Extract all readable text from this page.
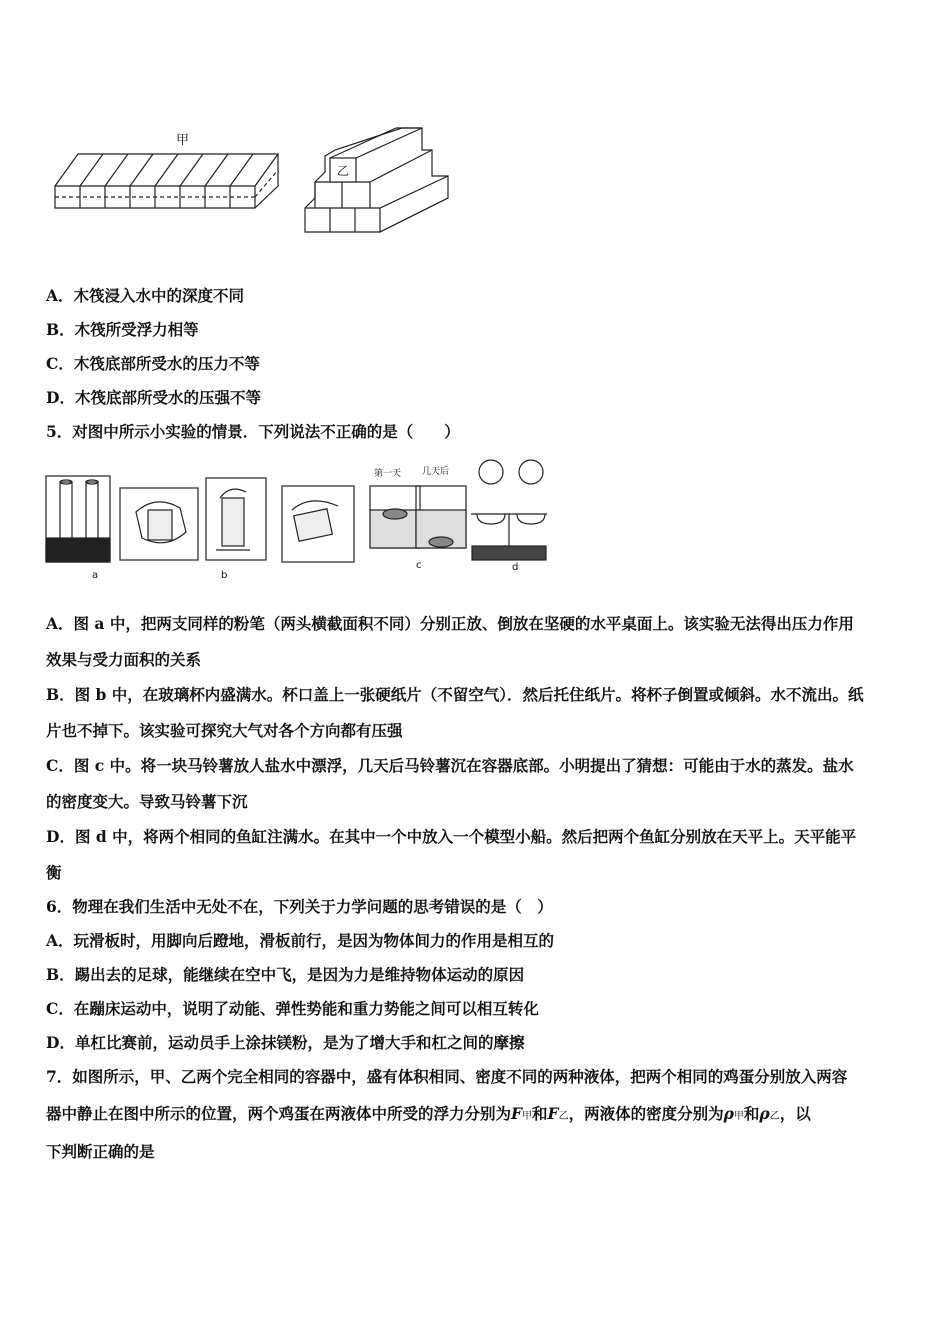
甲
乙
A．木筏浸入水中的深度不同
B．木筏所受浮力相等
C．木筏底部所受水的压力不等
D．木筏底部所受水的压强不等
5．对图中所示小实验的情景．下列说法不正确的是（　　）
a	b
c	d
第一天 几天后
A．图 a 中，把两支同样的粉笔（两头横截面积不同）分别正放、倒放在坚硬的水平桌面上。该实验无法得出压力作用
效果与受力面积的关系
B．图 b 中，在玻璃杯内盛满水。杯口盖上一张硬纸片（不留空气）．然后托住纸片。将杯子倒置或倾斜。水不流出。纸
片也不掉下。该实验可探究大气对各个方向都有压强
C．图 c 中。将一块马铃薯放人盐水中漂浮，几天后马铃薯沉在容器底部。小明提出了猜想：可能由于水的蒸发。盐水
的密度变大。导致马铃薯下沉
D．图 d 中，将两个相同的鱼缸注满水。在其中一个中放入一个模型小船。然后把两个鱼缸分别放在天平上。天平能平
衡
6．物理在我们生活中无处不在，下列关于力学问题的思考错误的是（　）
A．玩滑板时，用脚向后蹬地，滑板前行，是因为物体间力的作用是相互的
B．踢出去的足球，能继续在空中飞，是因为力是维持物体运动的原因
C．在蹦床运动中，说明了动能、弹性势能和重力势能之间可以相互转化
D．单杠比赛前，运动员手上涂抹镁粉，是为了增大手和杠之间的摩擦
7．如图所示，甲、乙两个完全相同的容器中，盛有体积相同、密度不同的两种液体，把两个相同的鸡蛋分别放入两容
器中静止在图中所示的位置，两个鸡蛋在两液体中所受的浮力分别为F甲和F乙，两液体的密度分别为ρ甲和ρ乙，以
下判断正确的是
